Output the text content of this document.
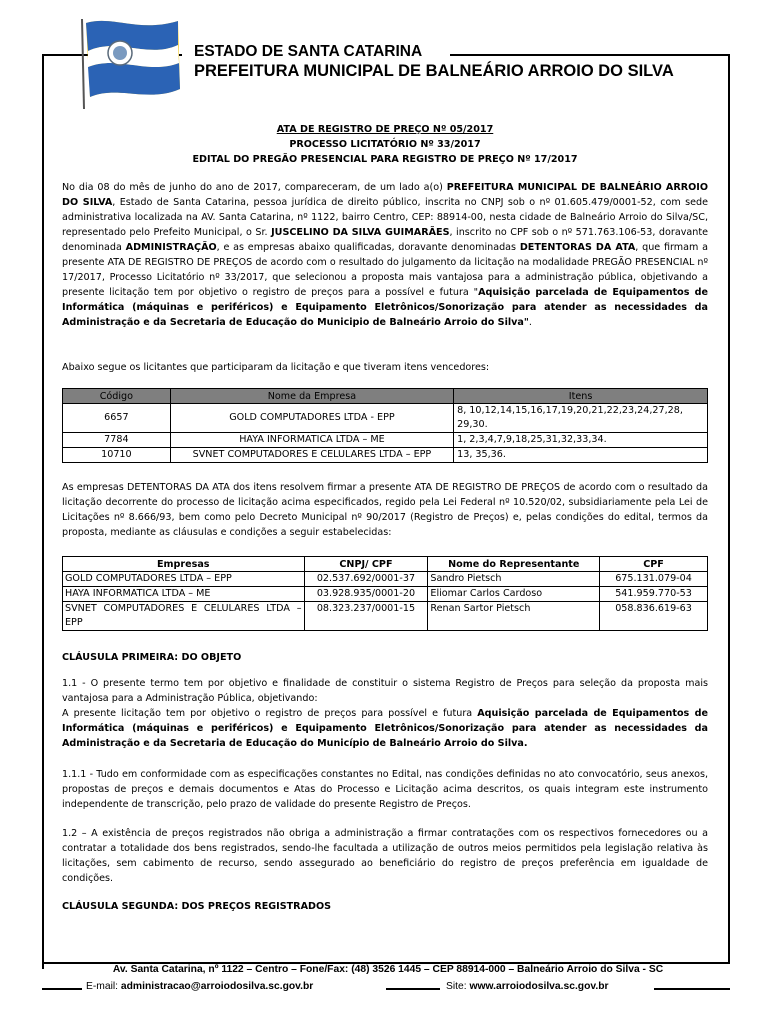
ESTADO DE SANTA CATARINA
PREFEITURA MUNICIPAL DE BALNEÁRIO ARROIO DO SILVA
ATA DE REGISTRO DE PREÇO Nº 05/2017
PROCESSO LICITATÓRIO Nº 33/2017
EDITAL DO PREGÃO PRESENCIAL PARA REGISTRO DE PREÇO Nº 17/2017
No dia 08 do mês de junho do ano de 2017, compareceram, de um lado a(o) PREFEITURA MUNICIPAL DE BALNEÁRIO ARROIO DO SILVA, Estado de Santa Catarina, pessoa jurídica de direito público, inscrita no CNPJ sob o nº 01.605.479/0001-52, com sede administrativa localizada na AV. Santa Catarina, nº 1122, bairro Centro, CEP: 88914-00, nesta cidade de Balneário Arroio do Silva/SC, representado pelo Prefeito Municipal, o Sr. JUSCELINO DA SILVA GUIMARÃES, inscrito no CPF sob o nº 571.763.106-53, doravante denominada ADMINISTRAÇÃO, e as empresas abaixo qualificadas, doravante denominadas DETENTORAS DA ATA, que firmam a presente ATA DE REGISTRO DE PREÇOS de acordo com o resultado do julgamento da licitação na modalidade PREGÃO PRESENCIAL nº 17/2017, Processo Licitatório nº 33/2017, que selecionou a proposta mais vantajosa para a administração pública, objetivando a presente licitação tem por objetivo o registro de preços para a possível e futura "Aquisição parcelada de Equipamentos de Informática (máquinas e periféricos) e Equipamento Eletrônicos/Sonorização para atender as necessidades da Administração e da Secretaria de Educação do Municipio de Balneário Arroio do Silva".
Abaixo segue os licitantes que participaram da licitação e que tiveram itens vencedores:
Código	Nome da Empresa	Itens
6657	GOLD COMPUTADORES LTDA - EPP	8, 10,12,14,15,16,17,19,20,21,22,23,24,27,28, 29,30.
7784	HAYA INFORMATICA LTDA – ME	1, 2,3,4,7,9,18,25,31,32,33,34.
10710	SVNET COMPUTADORES E CELULARES LTDA – EPP	13, 35,36.
As empresas DETENTORAS DA ATA dos itens resolvem firmar a presente ATA DE REGISTRO DE PREÇOS de acordo com o resultado da licitação decorrente do processo de licitação acima especificados, regido pela Lei Federal nº 10.520/02, subsidiariamente pela Lei de Licitações nº 8.666/93, bem como pelo Decreto Municipal nº 90/2017 (Registro de Preços) e, pelas condições do edital, termos da proposta, mediante as cláusulas e condições a seguir estabelecidas:
Empresas	CNPJ/ CPF	Nome do Representante	CPF
GOLD COMPUTADORES LTDA – EPP	02.537.692/0001-37	Sandro Pietsch	675.131.079-04
HAYA INFORMATICA LTDA – ME	03.928.935/0001-20	Eliomar Carlos Cardoso	541.959.770-53
SVNET COMPUTADORES E CELULARES LTDA – EPP	08.323.237/0001-15	Renan Sartor Pietsch	058.836.619-63
CLÁUSULA PRIMEIRA: DO OBJETO
1.1 - O presente termo tem por objetivo e finalidade de constituir o sistema Registro de Preços para seleção da proposta mais vantajosa para a Administração Pública, objetivando:
A presente licitação tem por objetivo o registro de preços para possível e futura Aquisição parcelada de Equipamentos de Informática (máquinas e periféricos) e Equipamento Eletrônicos/Sonorização para atender as necessidades da Administração e da Secretaria de Educação do Município de Balneário Arroio do Silva.
1.1.1 - Tudo em conformidade com as especificações constantes no Edital, nas condições definidas no ato convocatório, seus anexos, propostas de preços e demais documentos e Atas do Processo e Licitação acima descritos, os quais integram este instrumento independente de transcrição, pelo prazo de validade do presente Registro de Preços.
1.2 – A existência de preços registrados não obriga a administração a firmar contratações com os respectivos fornecedores ou a contratar a totalidade dos bens registrados, sendo-lhe facultada a utilização de outros meios permitidos pela legislação relativa às licitações, sem cabimento de recurso, sendo assegurado ao beneficiário do registro de preços preferência em igualdade de condições.
CLÁUSULA SEGUNDA: DOS PREÇOS REGISTRADOS
Av. Santa Catarina, nº 1122 – Centro – Fone/Fax: (48) 3526 1445 – CEP 88914-000 – Balneário Arroio do Silva - SC
E-mail: administracao@arroiodosilva.sc.gov.br	Site: www.arroiodosilva.sc.gov.br
